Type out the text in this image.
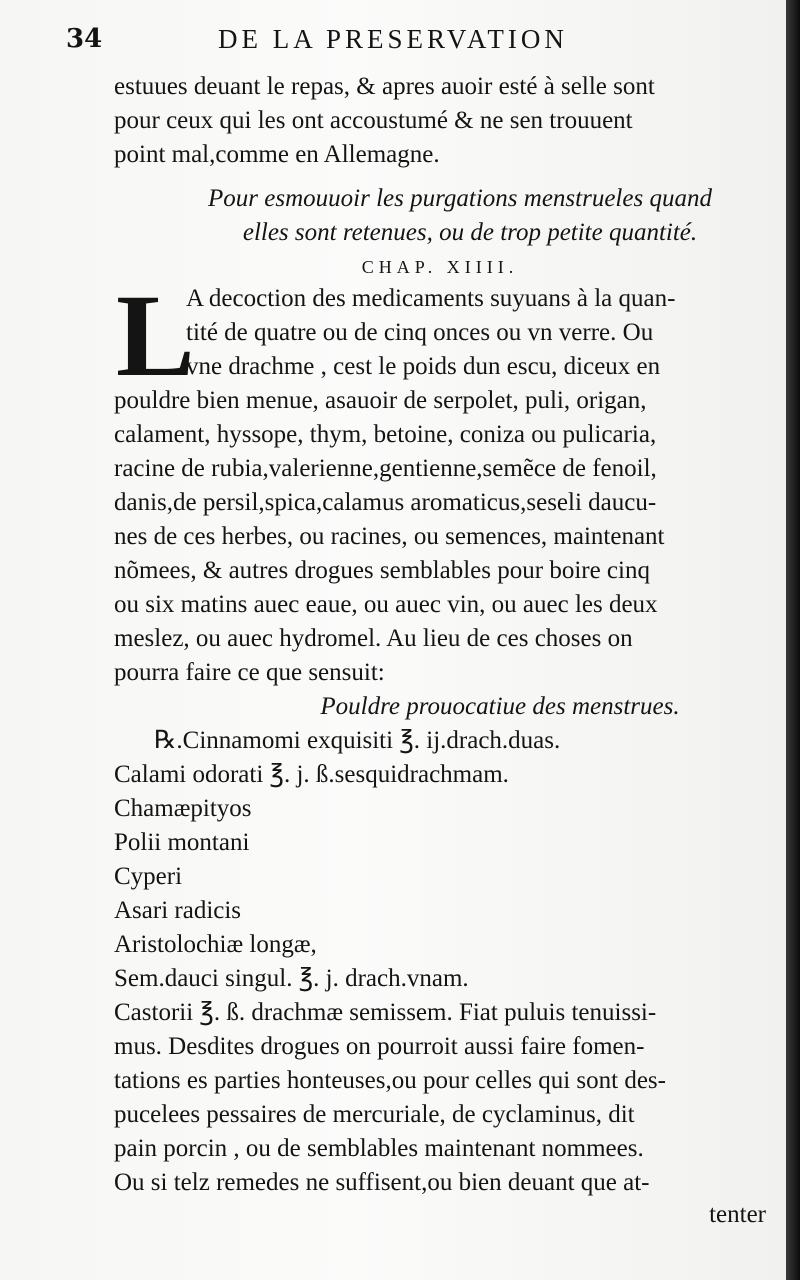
34	DE LA PRESERVATION
estuues deuant le repas, & apres auoir esté à selle sont
pour ceux qui les ont accoustumé & ne sen trouuent
point mal,comme en Allemagne.
Pour esmouuoir les purgations menstrueles quand
elles sont retenues, ou de trop petite quantité.
CHAP. XIIII.
L
A decoction des medicaments suyuans à la quan-
tité de quatre ou de cinq onces ou vn verre. Ou
vne drachme , cest le poids dun escu, diceux en
pouldre bien menue, asauoir de serpolet, puli, origan,
calament, hyssope, thym, betoine, coniza ou pulicaria,
racine de rubia,valerienne,gentienne,semẽce de fenoil,
danis,de persil,spica,calamus aromaticus,seseli daucu-
nes de ces herbes, ou racines, ou semences, maintenant
nõmees, & autres drogues semblables pour boire cinq
ou six matins auec eaue, ou auec vin, ou auec les deux
meslez, ou auec hydromel. Au lieu de ces choses on
pourra faire ce que sensuit:
Pouldre prouocatiue des menstrues.
℞.Cinnamomi exquisiti ℥. ij.drach.duas.
Calami odorati ℥. j. ß.sesquidrachmam.
Chamæpityos
Polii montani
Cyperi
Asari radicis
Aristolochiæ longæ,
Sem.dauci singul. ℥. j. drach.vnam.
Castorii ℥. ß. drachmæ semissem. Fiat puluis tenuissi-
mus. Desdites drogues on pourroit aussi faire fomen-
tations es parties honteuses,ou pour celles qui sont des-
pucelees pessaires de mercuriale, de cyclaminus, dit
pain porcin , ou de semblables maintenant nommees.
Ou si telz remedes ne suffisent,ou bien deuant que at-
tenter
